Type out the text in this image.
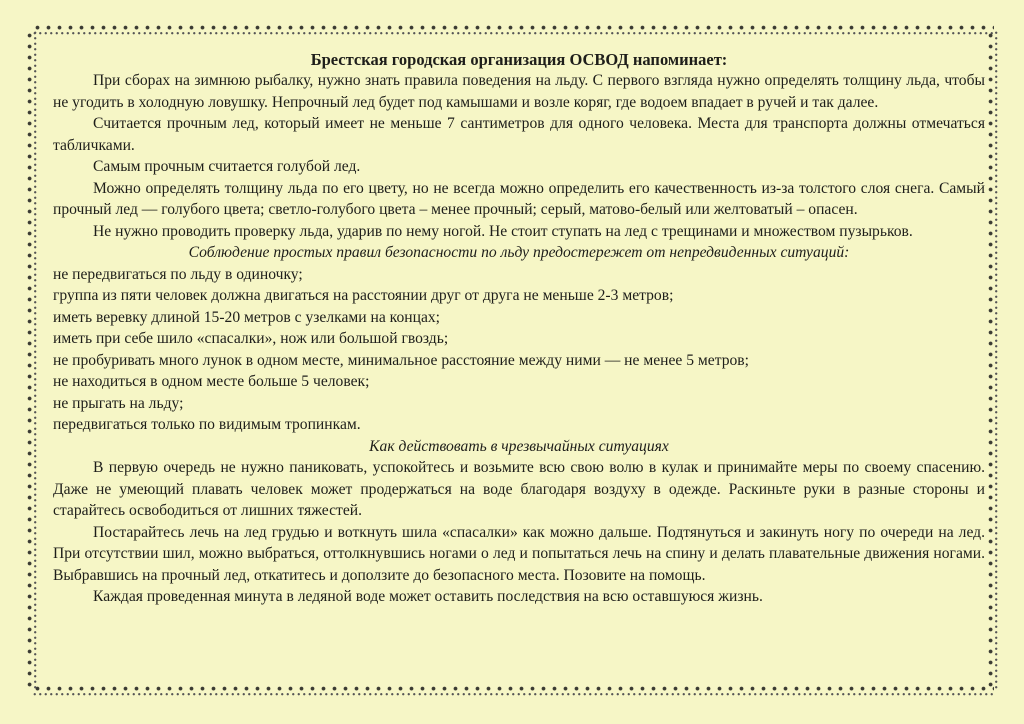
Брестская городская организация ОСВОД напоминает:

При сборах на зимнюю рыбалку, нужно знать правила поведения на льду. С первого взгляда нужно определять толщину льда, чтобы не угодить в холодную ловушку. Непрочный лед будет под камышами и возле коряг, где водоем впадает в ручей и так далее.

Считается прочным лед, который имеет не меньше 7 сантиметров для одного человека. Места для транспорта должны отмечаться табличками.

Самым прочным считается голубой лед.

Можно определять толщину льда по его цвету, но не всегда можно определить его качественность из-за толстого слоя снега. Самый прочный лед — голубого цвета; светло-голубого цвета – менее прочный; серый, матово-белый или желтоватый – опасен.

Не нужно проводить проверку льда, ударив по нему ногой. Не стоит ступать на лед с трещинами и множеством пузырьков.

Соблюдение простых правил безопасности по льду предостережет от непредвиденных ситуаций:

не передвигаться по льду в одиночку;

группа из пяти человек должна двигаться на расстоянии друг от друга не меньше 2-3 метров;

иметь веревку длиной 15-20 метров с узелками на концах;

иметь при себе шило «спасалки», нож или большой гвоздь;

не пробуривать много лунок в одном месте, минимальное расстояние между ними — не менее 5 метров;

не находиться в одном месте больше 5 человек;

не прыгать на льду;

передвигаться только по видимым тропинкам.

Как действовать в чрезвычайных ситуациях

В первую очередь не нужно паниковать, успокойтесь и возьмите всю свою волю в кулак и принимайте меры по своему спасению. Даже не умеющий плавать человек может продержаться на воде благодаря воздуху в одежде. Раскиньте руки в разные стороны и старайтесь освободиться от лишних тяжестей.

Постарайтесь лечь на лед грудью и воткнуть шила «спасалки» как можно дальше. Подтянуться и закинуть ногу по очереди на лед. При отсутствии шил, можно выбраться, оттолкнувшись ногами о лед и попытаться лечь на спину и делать плавательные движения ногами. Выбравшись на прочный лед, откатитесь и доползите до безопасного места. Позовите на помощь.

Каждая проведенная минута в ледяной воде может оставить последствия на всю оставшуюся жизнь.
